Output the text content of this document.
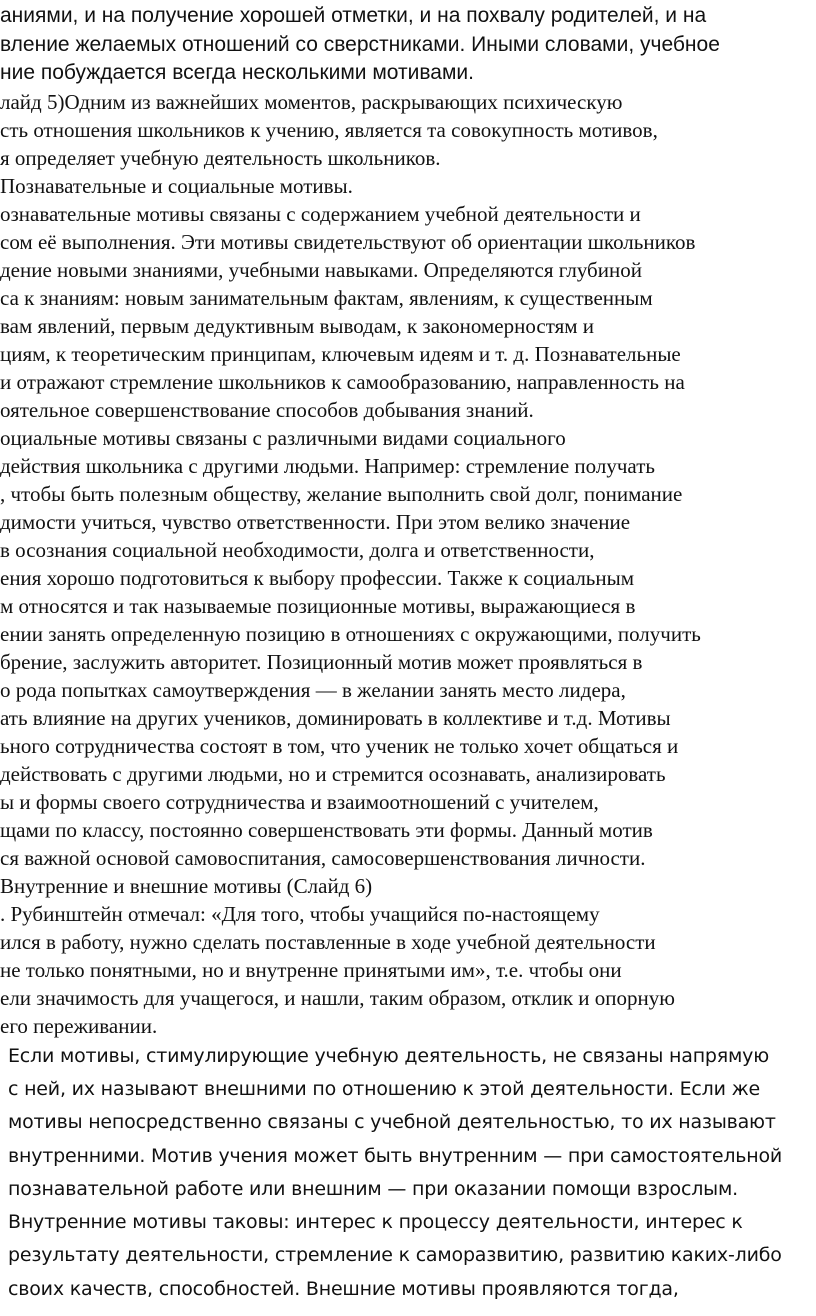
аниями, и на получение хорошей отметки, и на похвалу родителей, и на
вление желаемых отношений со сверстниками. Иными словами, учебное
ние побуждается всегда несколькими мотивами.
лайд 5)Одним из важнейших моментов, раскрывающих психическую
сть отношения школьников к учению, является та совокупность мотивов,
я определяет учебную деятельность школьников.
Познавательные и социальные мотивы.
ознавательные мотивы связаны с содержанием учебной деятельности и
сом её выполнения. Эти мотивы свидетельствуют об ориентации школьников
дение новыми знаниями, учебными навыками. Определяются глубиной
са к знаниям: новым занимательным фактам, явлениям, к существенным
вам явлений, первым дедуктивным выводам, к закономерностям и
циям, к теоретическим принципам, ключевым идеям и т. д. Познавательные
и отражают стремление школьников к самообразованию, направленность на
оятельное совершенствование способов добывания знаний.
оциальные мотивы связаны с различными видами социального
действия школьника с другими людьми. Например: стремление получать
, чтобы быть полезным обществу, желание выполнить свой долг, понимание
димости учиться, чувство ответственности. При этом велико значение
в осознания социальной необходимости, долга и ответственности,
ения хорошо подготовиться к выбору профессии. Также к социальным
м относятся и так называемые позиционные мотивы, выражающиеся в
ении занять определенную позицию в отношениях с окружающими, получить
брение, заслужить авторитет. Позиционный мотив может проявляться в
о рода попытках самоутверждения — в желании занять место лидера,
ать влияние на других учеников, доминировать в коллективе и т.д. Мотивы
ьного сотрудничества состоят в том, что ученик не только хочет общаться и
действовать с другими людьми, но и стремится осознавать, анализировать
ы и формы своего сотрудничества и взаимоотношений с учителем,
щами по классу, постоянно совершенствовать эти формы. Данный мотив
ся важной основой самовоспитания, самосовершенствования личности.
Внутренние и внешние мотивы (Слайд 6)
. Рубинштейн отмечал: «Для того, чтобы учащийся по-настоящему
ился в работу, нужно сделать поставленные в ходе учебной деятельности
не только понятными, но и внутренне принятыми им», т.е. чтобы они
ели значимость для учащегося, и нашли, таким образом, отклик и опорную
его переживании.
Если мотивы, стимулирующие учебную деятельность, не связаны напрямую
с ней, их называют внешними по отношению к этой деятельности. Если же
мотивы непосредственно связаны с учебной деятельностью, то их называют
внутренними. Мотив учения может быть внутренним — при самостоятельной
познавательной работе или внешним — при оказании помощи взрослым.
Внутренние мотивы таковы: интерес к процессу деятельности, интерес к
результату деятельности, стремление к саморазвитию, развитию каких-либо
своих качеств, способностей. Внешние мотивы проявляются тогда,
